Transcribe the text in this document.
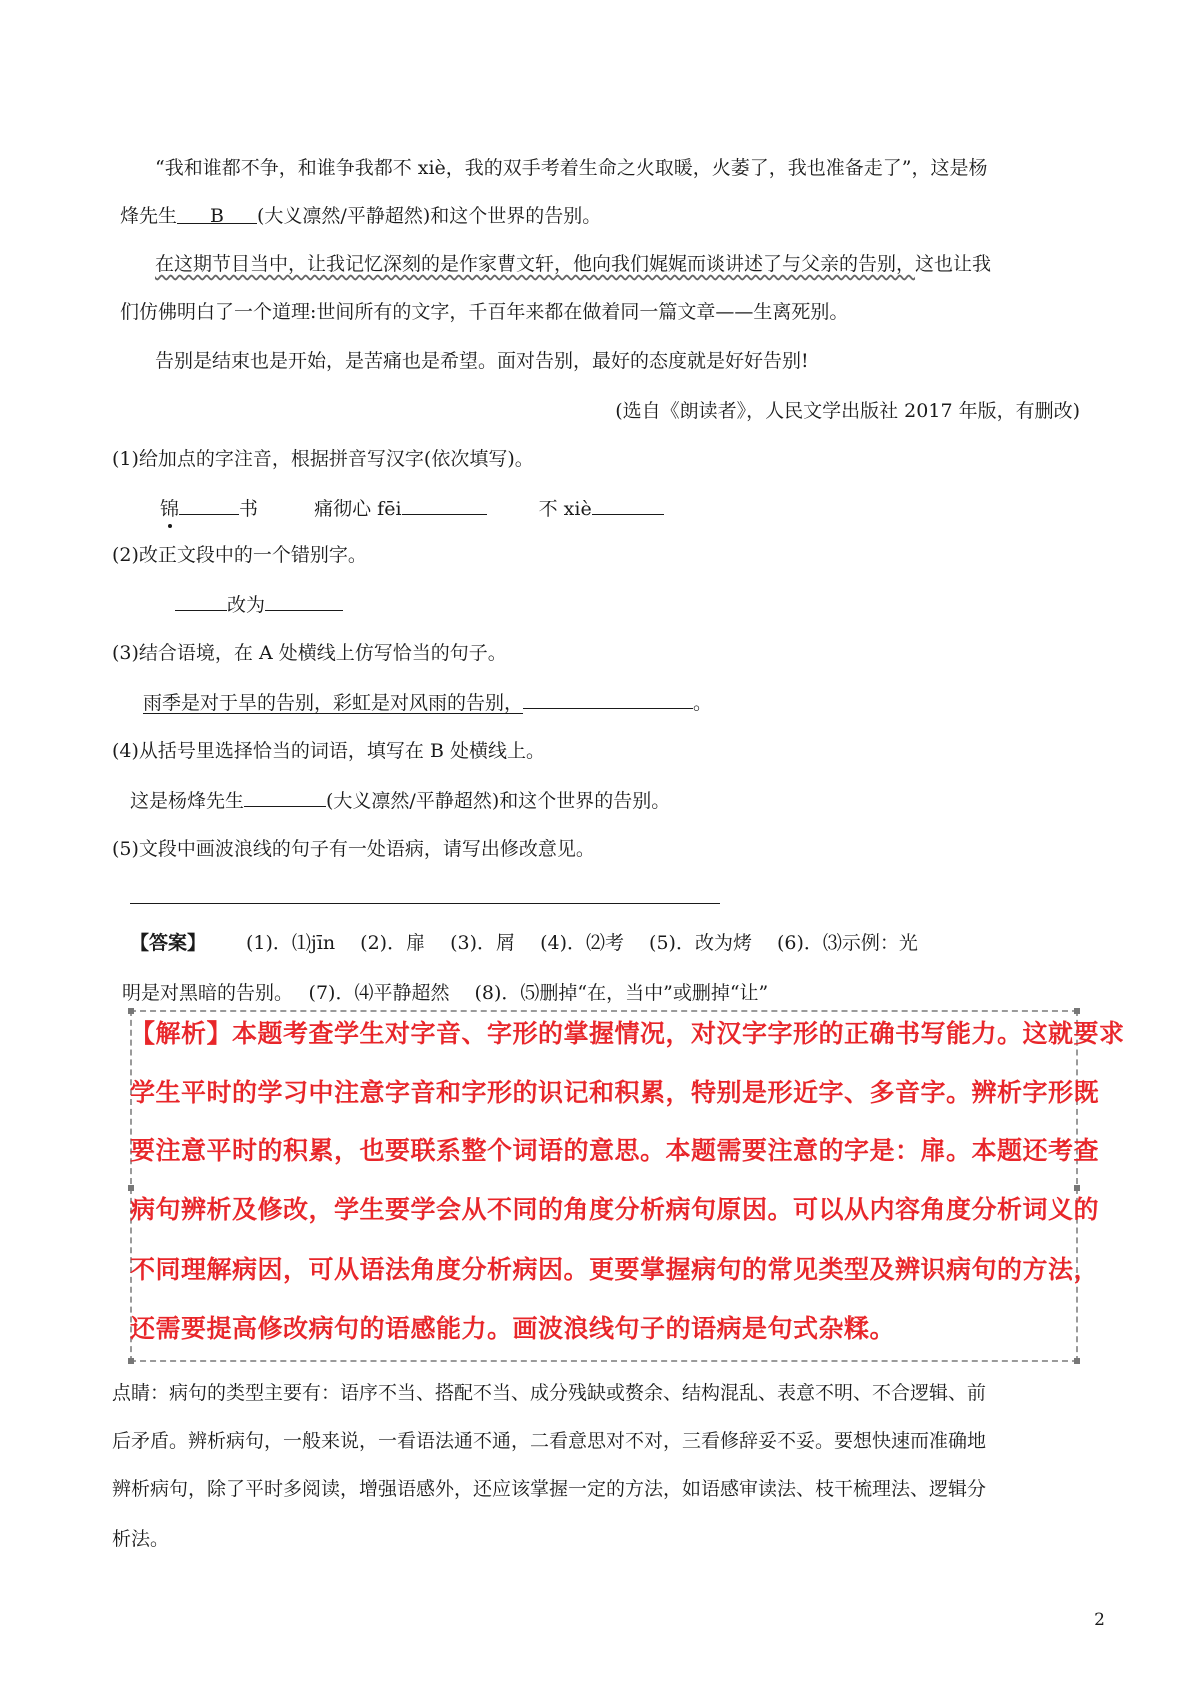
“我和谁都不争，和谁争我都不 xiè，我的双手考着生命之火取暖，火萎了，我也准备走了”，这是杨
烽先生 B (大义凛然/平静超然)和这个世界的告别。
在这期节目当中，让我记忆深刻的是作家曹文轩，他向我们娓娓而谈讲述了与父亲的告别，这也让我
们仿佛明白了一个道理:世间所有的文字，千百年来都在做着同一篇文章——生离死别。
告别是结束也是开始，是苦痛也是希望。面对告别，最好的态度就是好好告别!
(选自《朗读者》，人民文学出版社 2017 年版，有删改)
(1)给加点的字注音，根据拼音写汉字(依次填写)。
锦	书	痛彻心 fēi	不 xiè
(2)改正文段中的一个错别字。
改为
(3)结合语境，在 A 处横线上仿写恰当的句子。
雨季是对于旱的告别，彩虹是对风雨的告别，	。
(4)从括号里选择恰当的词语，填写在 B 处横线上。
这是杨烽先生	(大义凛然/平静超然)和这个世界的告别。
(5)文段中画波浪线的句子有一处语病，请写出修改意见。
【答案】 (1)．⑴jīn　 (2)．扉　 (3)．屑　 (4)．⑵考　 (5)．改为烤　 (6)．⑶示例：光
明是对黑暗的告别。　 (7)．⑷平静超然　 (8)．⑸删掉“在，当中”或删掉“让”
【解析】本题考查学生对字音、字形的掌握情况，对汉字字形的正确书写能力。这就要求
学生平时的学习中注意字音和字形的识记和积累，特别是形近字、多音字。辨析字形既
要注意平时的积累，也要联系整个词语的意思。本题需要注意的字是：扉。本题还考查
病句辨析及修改，学生要学会从不同的角度分析病句原因。可以从内容角度分析词义的
不同理解病因，可从语法角度分析病因。更要掌握病句的常见类型及辨识病句的方法，
还需要提高修改病句的语感能力。画波浪线句子的语病是句式杂糅。
点睛：病句的类型主要有：语序不当、搭配不当、成分残缺或赘余、结构混乱、表意不明、不合逻辑、前
后矛盾。辨析病句，一般来说，一看语法通不通，二看意思对不对，三看修辞妥不妥。要想快速而准确地
辨析病句，除了平时多阅读，增强语感外，还应该掌握一定的方法，如语感审读法、枝干梳理法、逻辑分
析法。
2
